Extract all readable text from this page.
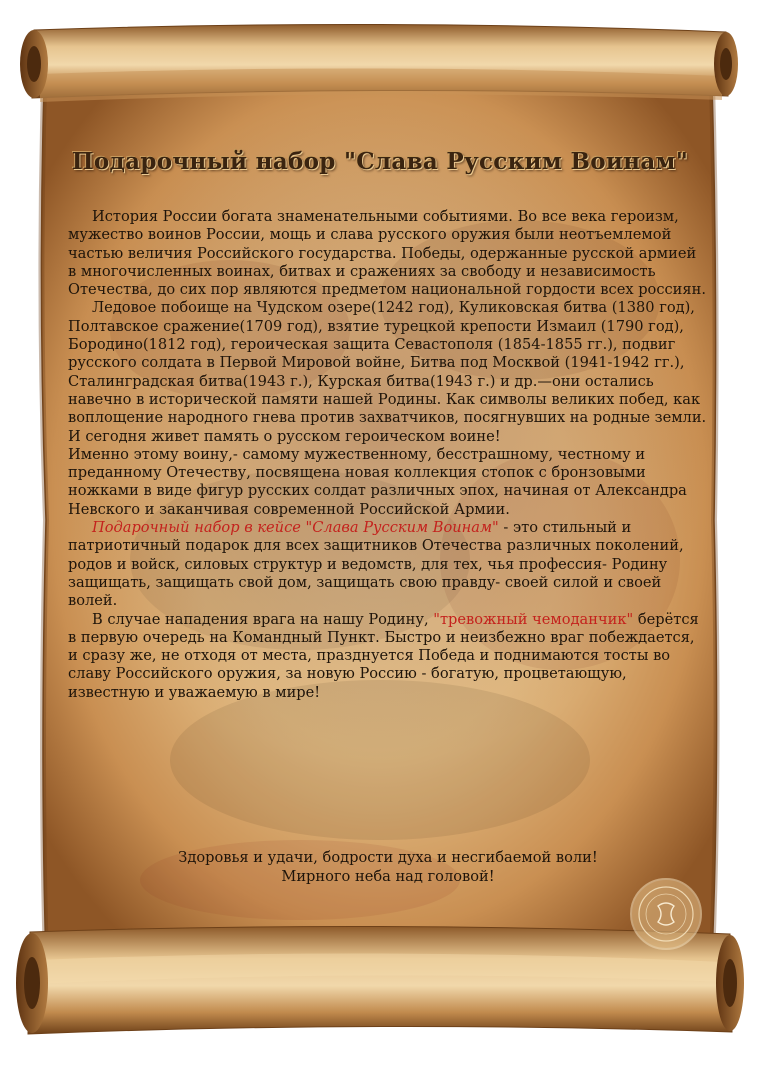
Подарочный набор "Слава Русским Воинам"

История России богата знаменательными событиями. Во все века героизм, мужество воинов России, мощь и слава русского оружия были неотъемлемой частью величия Российского государства. Победы, одержанные русской армией в многочисленных воинах, битвах и сражениях за свободу и независимость Отечества, до сих пор являются предметом национальной гордости всех россиян.

Ледовое побоище на Чудском озере(1242 год), Куликовская битва (1380 год), Полтавское сражение(1709 год), взятие турецкой крепости Измаил (1790 год), Бородино(1812 год), героическая защита Севастополя (1854-1855 гг.), подвиг русского солдата в Первой Мировой войне, Битва под Москвой (1941-1942 гг.), Сталинградская битва(1943 г.), Курская битва(1943 г.) и др.—они остались навечно в исторической памяти нашей Родины. Как символы великих побед, как воплощение народного гнева против захватчиков, посягнувших на родные земли. И сегодня живет память о русском героическом воине!

Именно этому воину,- самому мужественному, бесстрашному, честному и преданному Отечеству, посвящена новая коллекция стопок с бронзовыми ножками в виде фигур русских солдат различных эпох, начиная от Александра Невского и заканчивая современной Российской Армии.

Подарочный набор в кейсе "Слава Русским Воинам" - это стильный и патриотичный подарок для всех защитников Отечества различных поколений, родов и войск, силовых структур и ведомств, для тех, чья профессия- Родину защищать, защищать свой дом, защищать свою правду- своей силой и своей волей.

В случае нападения врага на нашу Родину, "тревожный чемоданчик" берётся в первую очередь на Командный Пункт. Быстро и неизбежно враг побеждается, и сразу же, не отходя от места, празднуется Победа и поднимаются тосты во славу Российского оружия, за новую Россию - богатую, процветающую, известную и уважаемую в мире!

Здоровья и удачи, бодрости духа и несгибаемой воли!
Мирного неба над головой!
